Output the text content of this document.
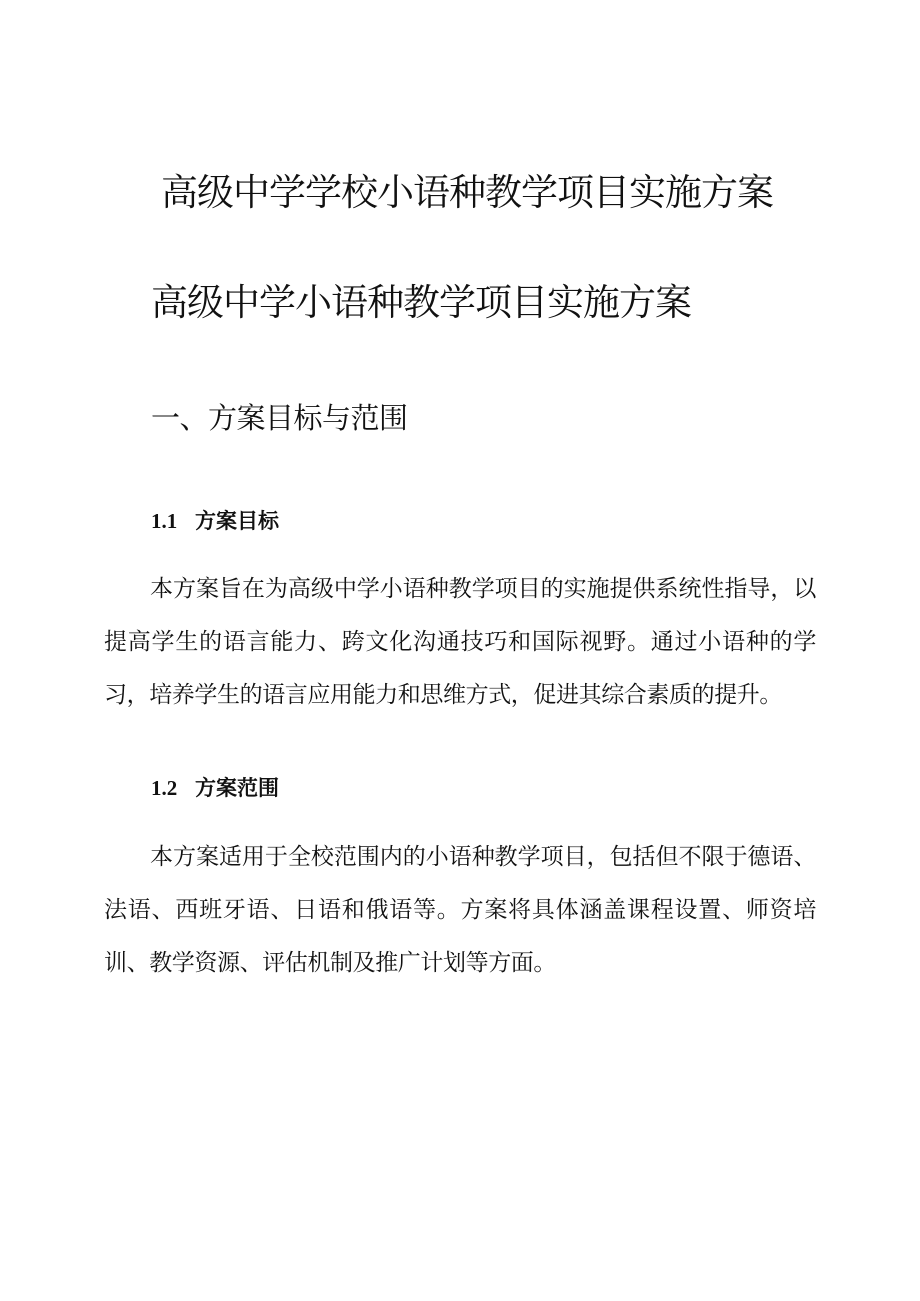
高级中学学校小语种教学项目实施方案
高级中学小语种教学项目实施方案
一、方案目标与范围
1.1 方案目标

本方案旨在为高级中学小语种教学项目的实施提供系统性指导，以提高学生的语言能力、跨文化沟通技巧和国际视野。通过小语种的学习，培养学生的语言应用能力和思维方式，促进其综合素质的提升。

1.2 方案范围

本方案适用于全校范围内的小语种教学项目，包括但不限于德语、法语、西班牙语、日语和俄语等。方案将具体涵盖课程设置、师资培训、教学资源、评估机制及推广计划等方面。
